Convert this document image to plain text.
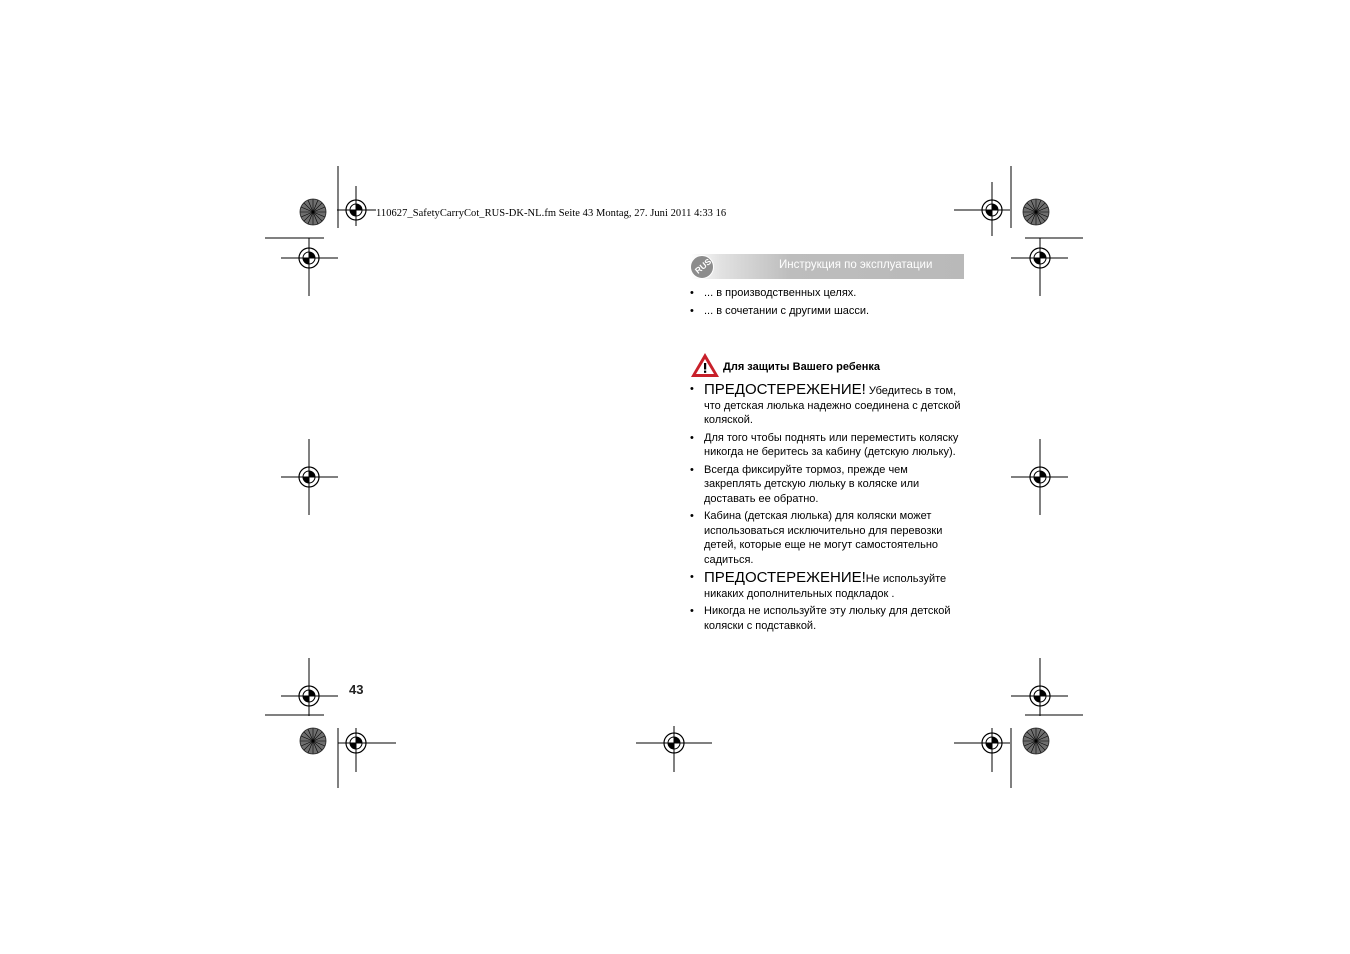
110627_SafetyCarryCot_RUS-DK-NL.fm Seite 43 Montag, 27. Juni 2011 4:33 16
43
RUS	Инструкция по эксплуатации
• ... в производственных целях.
• ... в сочетании с другими шасси.
Для защиты Вашего ребенка
• ПРЕДОСТЕРЕЖЕНИЕ! Убедитесь в том, что детская люлька надежно соединена с детской коляской.
• Для того чтобы поднять или переместить коляску никогда не беритесь за кабину (детскую люльку).
• Всегда фиксируйте тормоз, прежде чем закреплять детскую люльку в коляске или доставать ее обратно.
• Кабина (детская люлька) для коляски может использоваться исключительно для перевозки детей, которые еще не могут самостоятельно садиться.
• ПРЕДОСТЕРЕЖЕНИЕ!Не используйте никаких дополнительных подкладок .
• Никогда не используйте эту люльку для детской коляски с подставкой.
